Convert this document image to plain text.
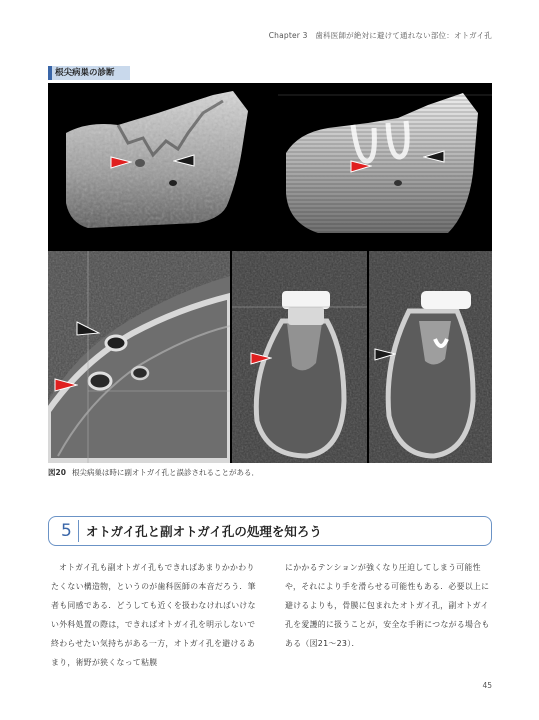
Chapter 3　歯科医師が絶対に避けて通れない部位：オトガイ孔
根尖病巣の診断
図20 根尖病巣は時に副オトガイ孔と誤診されることがある．
5	オトガイ孔と副オトガイ孔の処理を知ろう

オトガイ孔も副オトガイ孔もできればあまりかかわりたくない構造物，というのが歯科医師の本音だろう．筆者も同感である．どうしても近くを扱わなければいけない外科処置の際は，できればオトガイ孔を明示しないで終わらせたい気持ちがある一方，オトガイ孔を避けるあまり，術野が狭くなって粘膜

にかかるテンションが強くなり圧迫してしまう可能性や，それにより手を滑らせる可能性もある．必要以上に避けるよりも，骨膜に包まれたオトガイ孔，副オトガイ孔を愛護的に扱うことが，安全な手術につながる場合もある（図21～23）．

45
